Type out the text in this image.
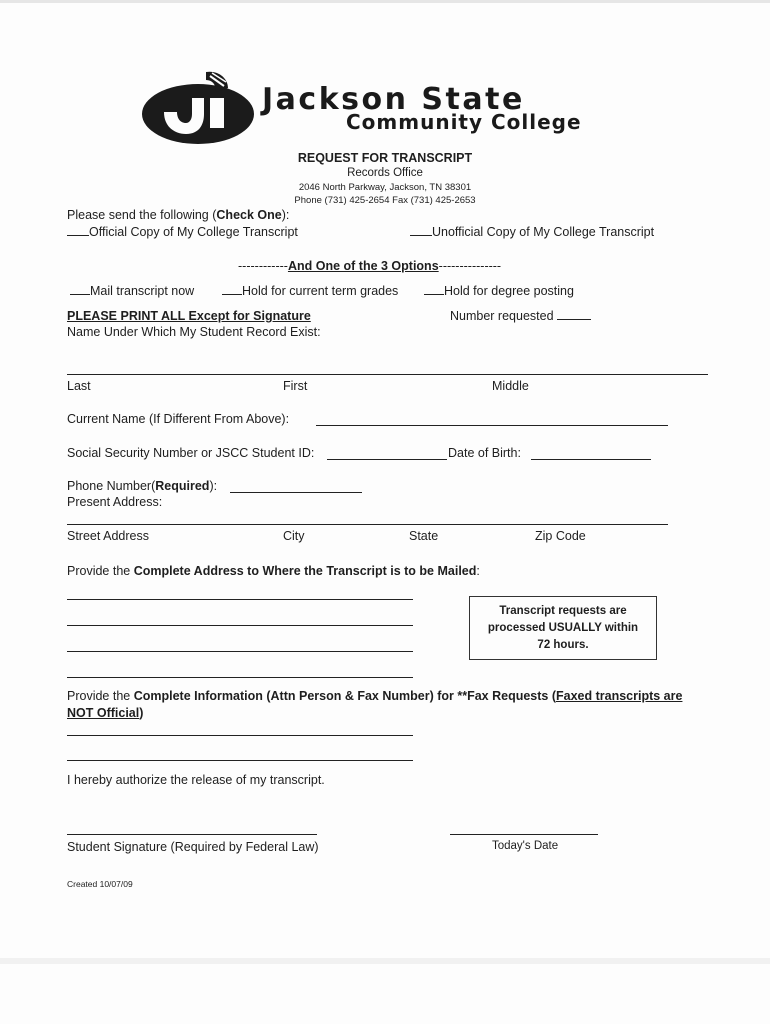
Jackson State
Community College
REQUEST FOR TRANSCRIPT
Records Office
2046 North Parkway, Jackson, TN 38301
Phone (731) 425-2654 Fax (731) 425-2653
Please send the following (Check One):
Official Copy of My College Transcript	Unofficial Copy of My College Transcript
------------And One of the 3 Options---------------
Mail transcript now	Hold for current term grades	Hold for degree posting
PLEASE PRINT ALL Except for Signature	Number requested
Name Under Which My Student Record Exist:
Last	First	Middle
Current Name (If Different From Above):
Social Security Number or JSCC Student ID:	Date of Birth:
Phone Number(Required):
Present Address:
Street Address	City	State	Zip Code
Provide the Complete Address to Where the Transcript is to be Mailed:
Transcript requests are processed USUALLY within 72 hours.
Provide the Complete Information (Attn Person & Fax Number) for **Fax Requests (Faxed transcripts are
NOT Official)
I hereby authorize the release of my transcript.
Student Signature (Required by Federal Law)	Today's Date
Created 10/07/09
